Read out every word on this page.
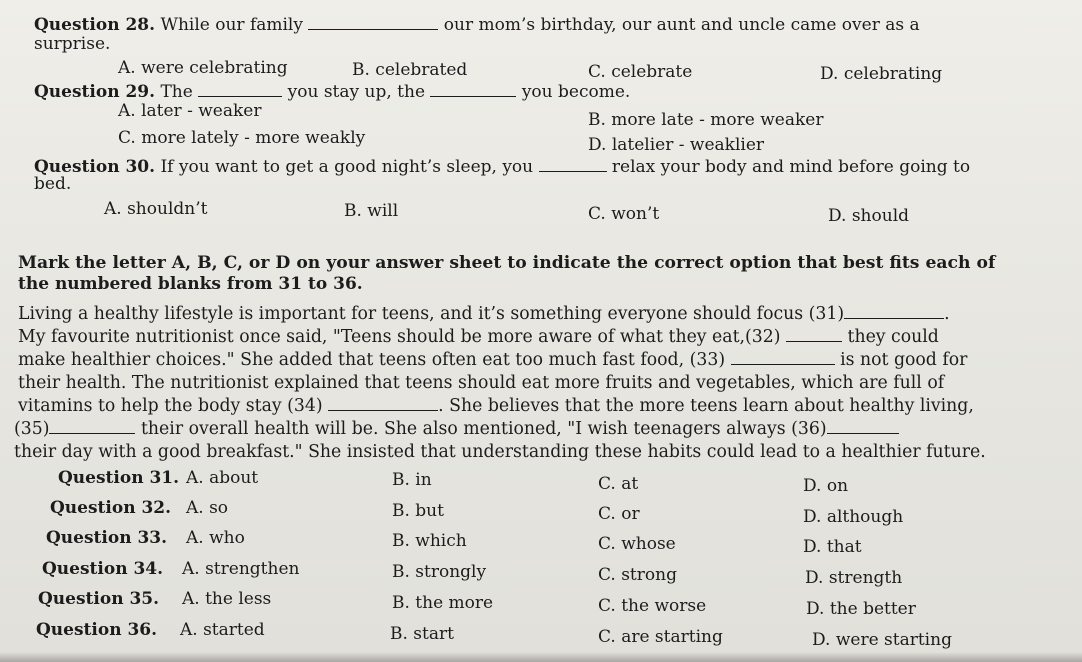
Question 28. While our family	our mom’s birthday, our aunt and uncle came over as a
surprise.
A. were celebrating	B. celebrated	C. celebrate	D. celebrating
Question 29. The	you stay up, the	you become.
A. later - weaker	B. more late - more weaker
C. more lately - more weakly	D. latelier - weaklier
Question 30. If you want to get a good night’s sleep, you	relax your body and mind before going to
bed.
A. shouldn’t	B. will	C. won’t	D. should
Mark the letter A, B, C, or D on your answer sheet to indicate the correct option that best fits each of
the numbered blanks from 31 to 36.
Living a healthy lifestyle is important for teens, and it’s something everyone should focus (31)	.
My favourite nutritionist once said, "Teens should be more aware of what they eat,(32)	they could
make healthier choices." She added that teens often eat too much fast food, (33)	is not good for
their health. The nutritionist explained that teens should eat more fruits and vegetables, which are full of
vitamins to help the body stay (34)	. She believes that the more teens learn about healthy living,
(35)	their overall health will be. She also mentioned, "I wish teenagers always (36)
their day with a good breakfast." She insisted that understanding these habits could lead to a healthier future.
Question 31. A. about	B. in	C. at	D. on
Question 32. A. so	B. but	C. or	D. although
Question 33. A. who	B. which	C. whose	D. that
Question 34. A. strengthen	B. strongly	C. strong	D. strength
Question 35. A. the less	B. the more	C. the worse	D. the better
Question 36. A. started	B. start	C. are starting	D. were starting
